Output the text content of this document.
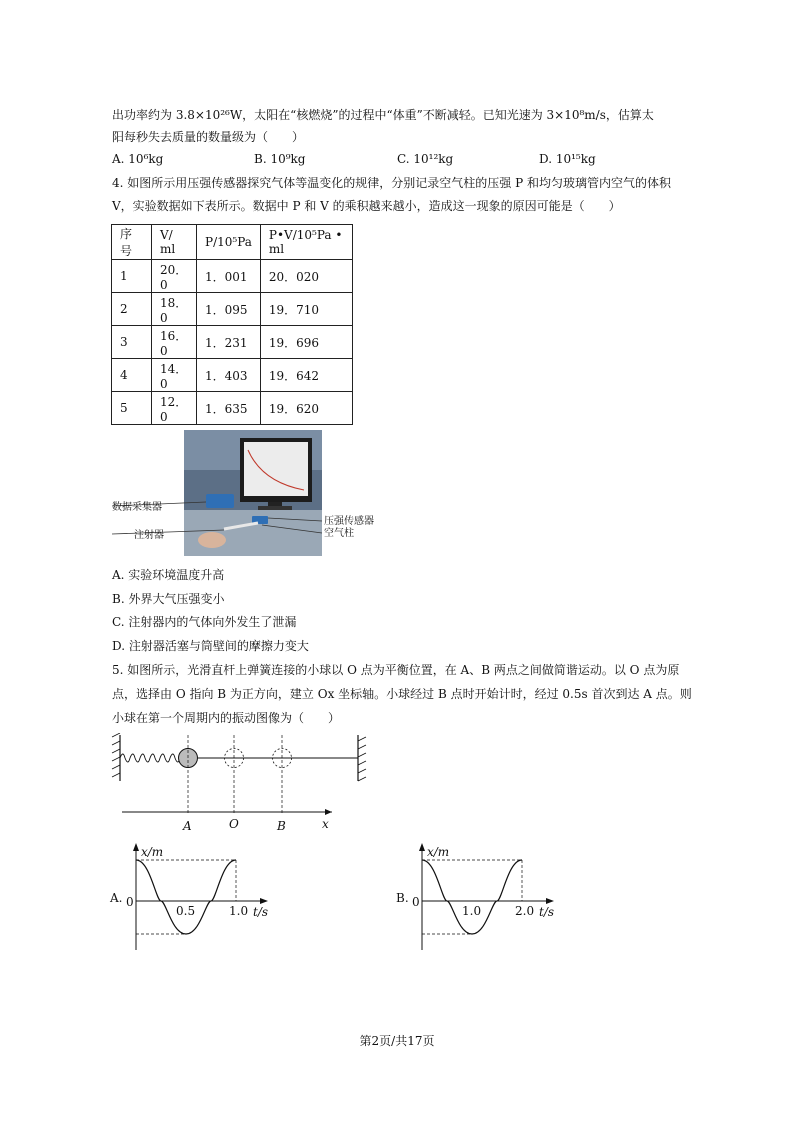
出功率约为 3.8×10²⁶W，太阳在“核燃烧”的过程中“体重”不断减轻。已知光速为 3×10⁸m/s，估算太
阳每秒失去质量的数量级为（　　）
A. 10⁶kg	B. 10⁹kg	C. 10¹²kg	D. 10¹⁵kg
4. 如图所示用压强传感器探究气体等温变化的规律，分别记录空气柱的压强 P 和均匀玻璃管内空气的体积
V，实验数据如下表所示。数据中 P 和 V 的乘积越来越小，造成这一现象的原因可能是（　　）
序号	V/ ml	P/10⁵Pa	P•V/10⁵Pa • ml
1	20．0	1．001	20．020
2	18．0	1．095	19．710
3	16．0	1．231	19．696
4	14．0	1．403	19．642
5	12．0	1．635	19．620
数据采集器
注射器
压强传感器
空气柱
A. 实验环境温度升高
B. 外界大气压强变小
C. 注射器内的气体向外发生了泄漏
D. 注射器活塞与筒壁间的摩擦力变大
5. 如图所示，光滑直杆上弹簧连接的小球以 O 点为平衡位置，在 A、B 两点之间做简谐运动。以 O 点为原
点，选择由 O 指向 B 为正方向，建立 Ox 坐标轴。小球经过 B 点时开始计时，经过 0.5s 首次到达 A 点。则
小球在第一个周期内的振动图像为（　　）
A	O	B	x
A.
x/m
0
0.5	1.0 t/s
B.
x/m
0
1.0	2.0 t/s
第2页/共17页
